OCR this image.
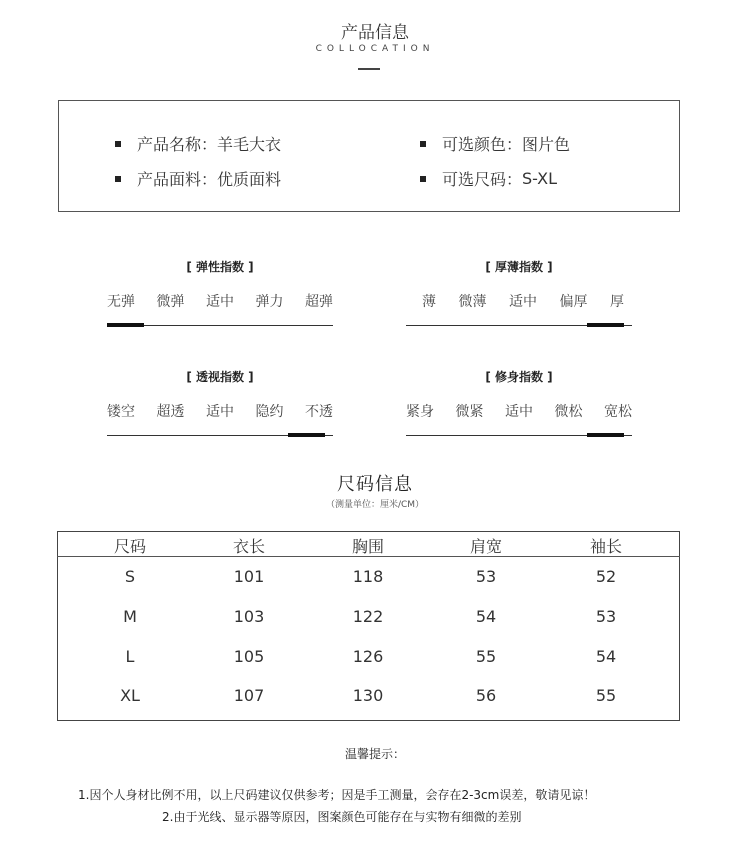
产品信息
COLLOCATION
产品名称： 羊毛大衣
产品面料： 优质面料
可选颜色： 图片色
可选尺码： S-XL
[ 弹性指数 ]
无弹 微弹 适中 弹力 超弹
[ 厚薄指数 ]
薄 微薄 适中 偏厚 厚
[ 透视指数 ]
镂空 超透 适中 隐约 不透
[ 修身指数 ]
紧身 微紧 适中 微松 宽松
尺码信息
（测量单位：厘米/CM）
尺码	衣长	胸围	肩宽	袖长
S	101	118	53	52
M	103	122	54	53
L	105	126	55	54
XL	107	130	56	55
温馨提示：
1.因个人身材比例不用，以上尺码建议仅供参考；因是手工测量，会存在2-3cm误差，敬请见谅！
2.由于光线、显示器等原因，图案颜色可能存在与实物有细微的差别
